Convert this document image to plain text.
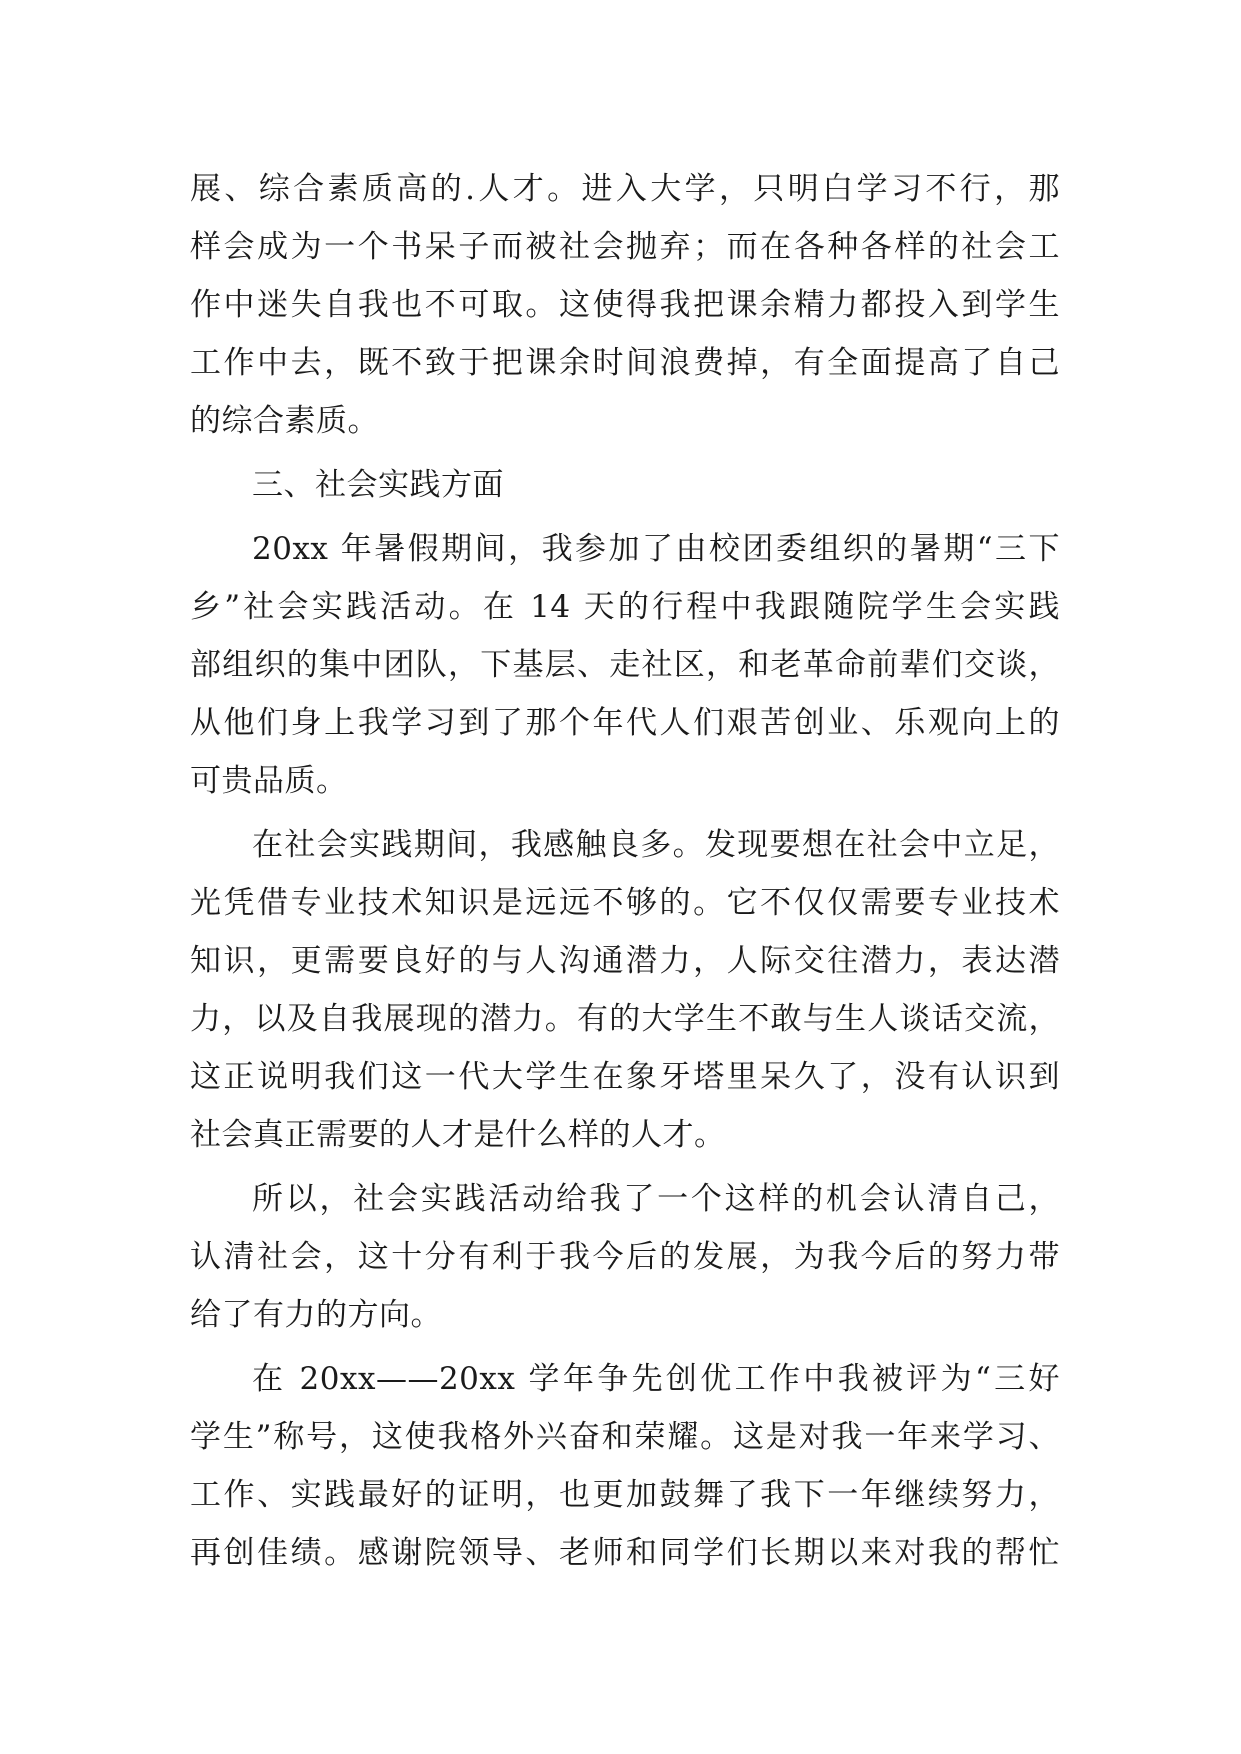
展、综合素质高的.人才。进入大学，只明白学习不行，那
样会成为一个书呆子而被社会抛弃；而在各种各样的社会工
作中迷失自我也不可取。这使得我把课余精力都投入到学生
工作中去，既不致于把课余时间浪费掉，有全面提高了自己
的综合素质。
三、社会实践方面
20xx 年暑假期间，我参加了由校团委组织的暑期“三下
乡”社会实践活动。在 14 天的行程中我跟随院学生会实践
部组织的集中团队，下基层、走社区，和老革命前辈们交谈，
从他们身上我学习到了那个年代人们艰苦创业、乐观向上的
可贵品质。
在社会实践期间，我感触良多。发现要想在社会中立足，
光凭借专业技术知识是远远不够的。它不仅仅需要专业技术
知识，更需要良好的与人沟通潜力，人际交往潜力，表达潜
力，以及自我展现的潜力。有的大学生不敢与生人谈话交流，
这正说明我们这一代大学生在象牙塔里呆久了，没有认识到
社会真正需要的人才是什么样的人才。
所以，社会实践活动给我了一个这样的机会认清自己，
认清社会，这十分有利于我今后的发展，为我今后的努力带
给了有力的方向。
在 20xx——20xx 学年争先创优工作中我被评为“三好
学生”称号，这使我格外兴奋和荣耀。这是对我一年来学习、
工作、实践最好的证明，也更加鼓舞了我下一年继续努力，
再创佳绩。感谢院领导、老师和同学们长期以来对我的帮忙
